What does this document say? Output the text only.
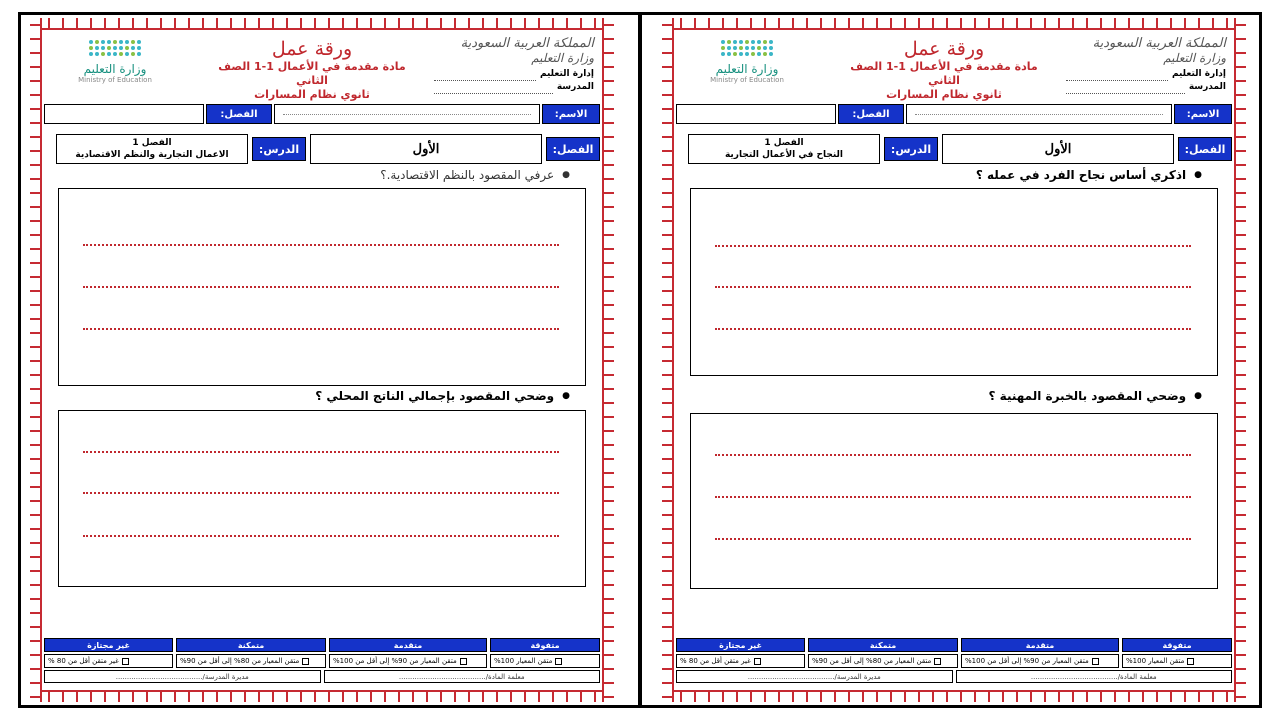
المملكة العربية السعودية
وزارة التعليم
إدارة التعليم
المدرسة
ورقة عمل
مادة مقدمة في الأعمال 1-1 الصف الثاني
ثانوي نظام المسارات
وزارة التعليم
Ministry of Education
الاسم:
الفصل:
الفصل:
الأول
الدرس:
الفصل 1
الاعمال التجارية والنظم الاقتصادية
●
عرفي المقصود بالنظم الاقتصادية.؟
●
وضحي المقصود بإجمالي الناتج المحلي ؟
متفوقة
متقدمة
متمكنة
غير مجتازة
متقن المعيار 100%
متقن المعيار من 90% إلى أقل من 100%
متقن المعيار من 80% إلى أقل من 90%
غير متقن أقل من 80 %
معلمة المادة/.......................................
مديرة المدرسة/.......................................
المملكة العربية السعودية
وزارة التعليم
إدارة التعليم
المدرسة
ورقة عمل
مادة مقدمة في الأعمال 1-1 الصف الثاني
ثانوي نظام المسارات
وزارة التعليم
Ministry of Education
الاسم:
الفصل:
الفصل:
الأول
الدرس:
الفصل 1
النجاح في الأعمال التجارية
●
اذكري أساس نجاح الفرد في عمله ؟
●
وضحي المقصود بالخبرة المهنية ؟
متفوقة
متقدمة
متمكنة
غير مجتازة
متقن المعيار 100%
متقن المعيار من 90% إلى أقل من 100%
متقن المعيار من 80% إلى أقل من 90%
غير متقن أقل من 80 %
معلمة المادة/.......................................
مديرة المدرسة/.......................................
